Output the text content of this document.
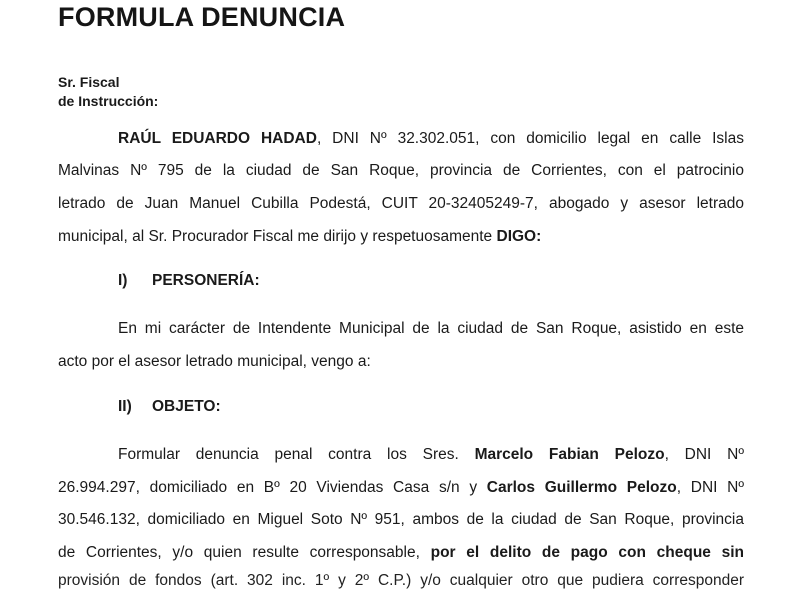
FORMULA DENUNCIA
Sr. Fiscal
de Instrucción:
RAÚL EDUARDO HADAD, DNI Nº 32.302.051, con domicilio legal en calle Islas
Malvinas Nº 795 de la ciudad de San Roque, provincia de Corrientes, con el patrocinio
letrado de Juan Manuel Cubilla Podestá, CUIT 20-32405249-7, abogado y asesor letrado
municipal, al Sr. Procurador Fiscal me dirijo y respetuosamente DIGO:
I) PERSONERÍA:
En mi carácter de Intendente Municipal de la ciudad de San Roque, asistido en este
acto por el asesor letrado municipal, vengo a:
II) OBJETO:
Formular denuncia penal contra los Sres. Marcelo Fabian Pelozo, DNI Nº
26.994.297, domiciliado en Bº 20 Viviendas Casa s/n y Carlos Guillermo Pelozo, DNI Nº
30.546.132, domiciliado en Miguel Soto Nº 951, ambos de la ciudad de San Roque, provincia
de Corrientes, y/o quien resulte corresponsable, por el delito de pago con cheque sin
provisión de fondos (art. 302 inc. 1º y 2º C.P.) y/o cualquier otro que pudiera corresponder
